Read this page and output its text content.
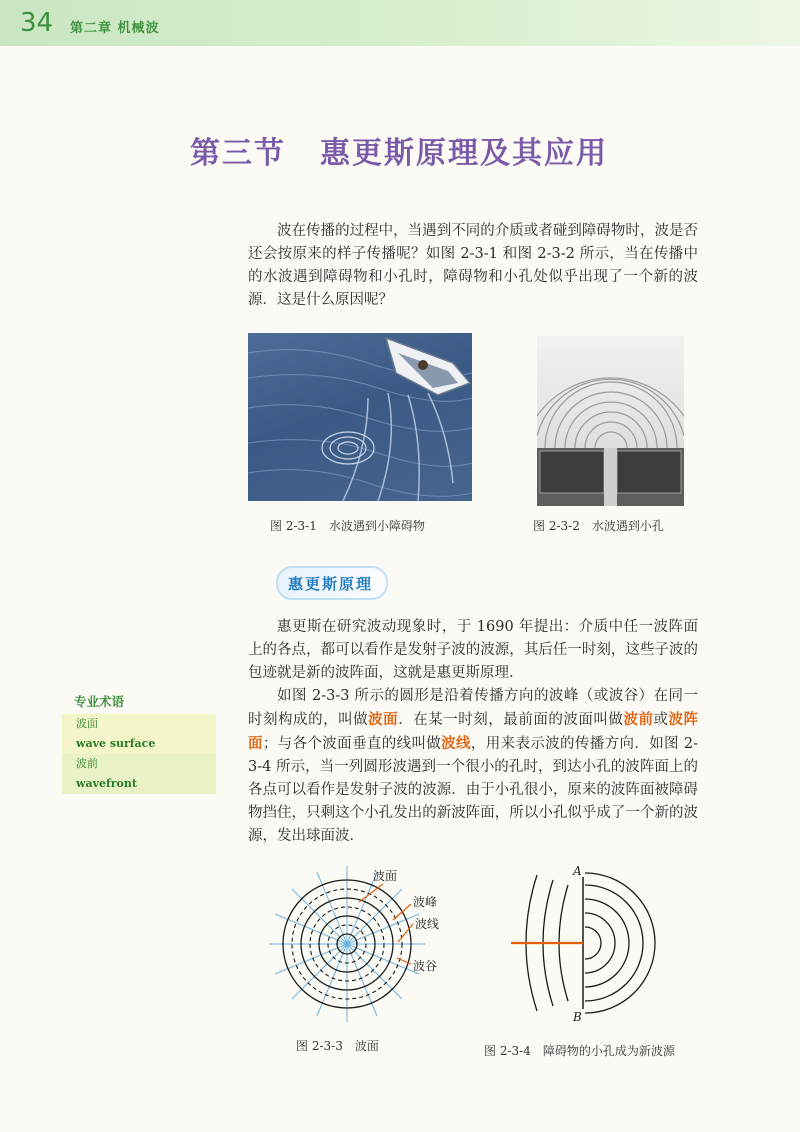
34 第二章 机械波
第三节 惠更斯原理及其应用

波在传播的过程中，当遇到不同的介质或者碰到障碍物时，波是否还会按原来的样子传播呢？如图 2-3-1 和图 2-3-2 所示，当在传播中的水波遇到障碍物和小孔时，障碍物和小孔处似乎出现了一个新的波源．这是什么原因呢？

图 2-3-1　水波遇到小障碍物	图 2-3-2　水波遇到小孔
惠更斯原理

惠更斯在研究波动现象时，于 1690 年提出：介质中任一波阵面上的各点，都可以看作是发射子波的波源，其后任一时刻，这些子波的包迹就是新的波阵面，这就是惠更斯原理．

如图 2-3-3 所示的圆形是沿着传播方向的波峰（或波谷）在同一时刻构成的，叫做波面．在某一时刻，最前面的波面叫做波前或波阵面；与各个波面垂直的线叫做波线，用来表示波的传播方向．如图 2-3-4 所示，当一列圆形波遇到一个很小的孔时，到达小孔的波阵面上的各点可以看作是发射子波的波源．由于小孔很小，原来的波阵面被障碍物挡住，只剩这个小孔发出的新波阵面，所以小孔似乎成了一个新的波源，发出球面波．

专业术语
波面
wave surface
波前
wavefront
波面
波峰
波线
波谷
A
B
图 2-3-3　波面	图 2-3-4　障碍物的小孔成为新波源
